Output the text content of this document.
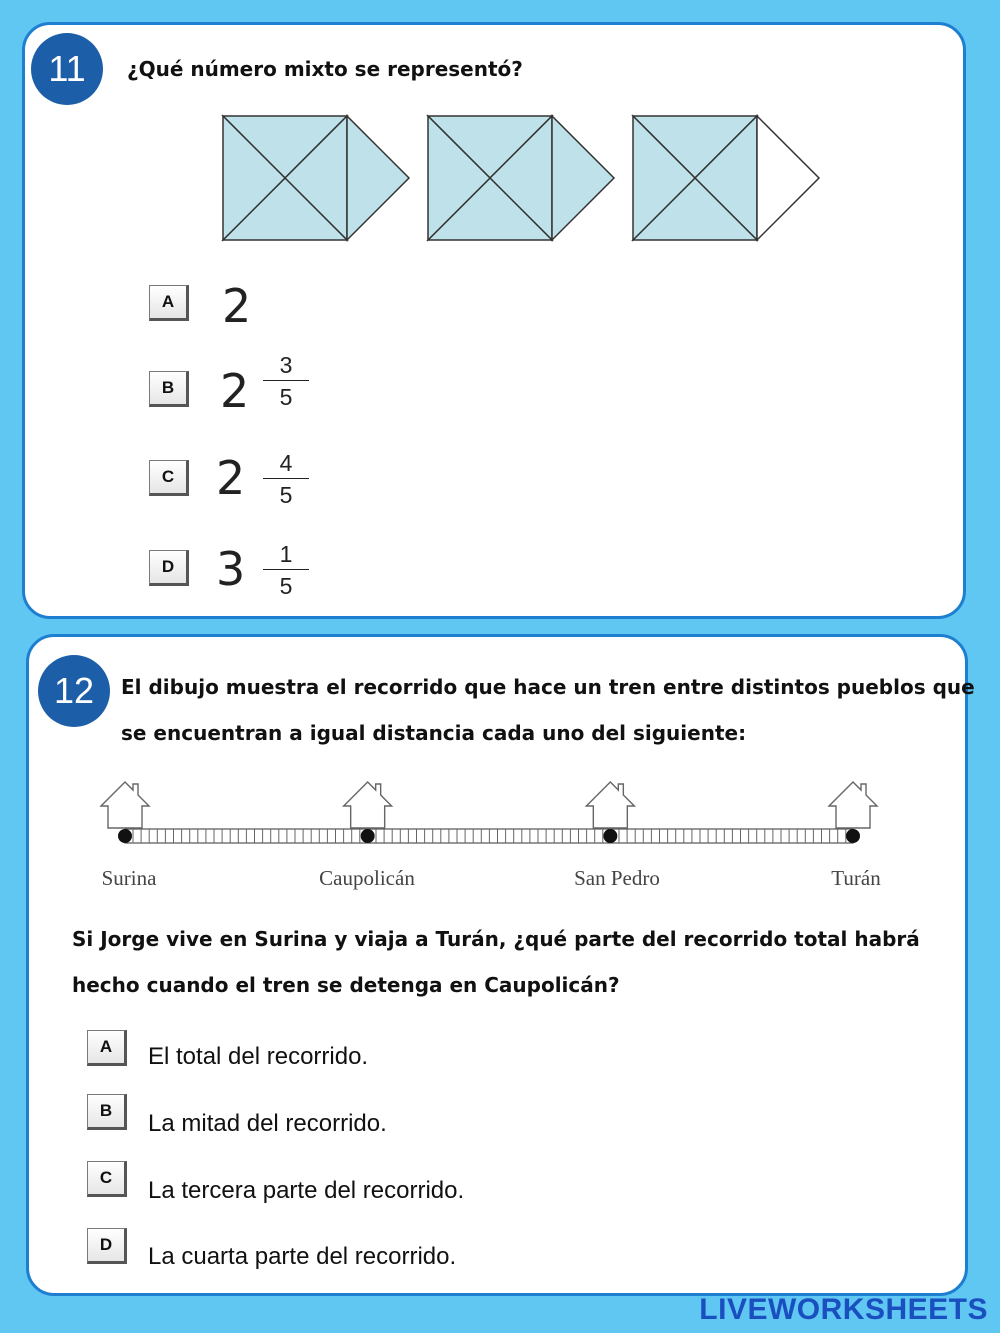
11	¿Qué número mixto se representó?
A	2
B $2 \frac{3}{5}$
C $2 \frac{4}{5}$
D $3 \frac{1}{5}$
12	El dibujo muestra el recorrido que hace un tren entre distintos pueblos que
se encuentran a igual distancia cada uno del siguiente:
Surina	Caupolicán	San Pedro	Turán
Si Jorge vive en Surina y viaja a Turán, ¿qué parte del recorrido total habrá
hecho cuando el tren se detenga en Caupolicán?
A	El total del recorrido.
B	La mitad del recorrido.
C	La tercera parte del recorrido.
D	La cuarta parte del recorrido.
LIVEWORKSHEETS
